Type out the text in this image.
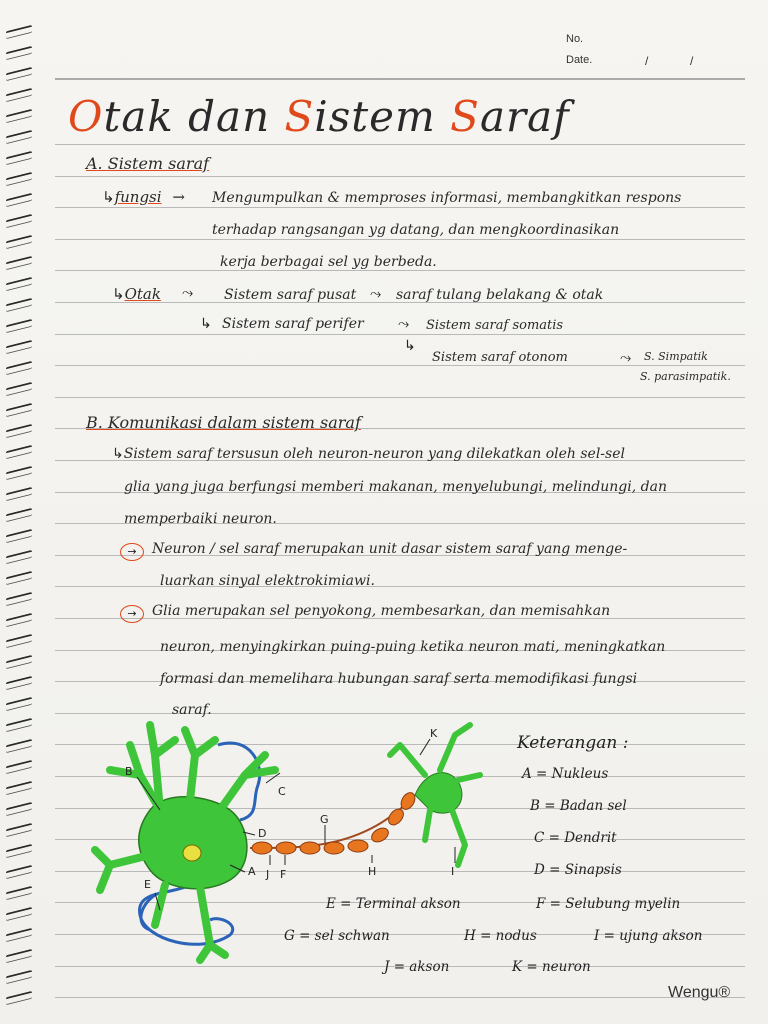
No.
Date.	/	/
Otak dan Sistem Saraf
A. Sistem saraf
↳fungsi →	Mengumpulkan & memproses informasi, membangkitkan respons
terhadap rangsangan yg datang, dan mengkoordinasikan
kerja berbagai sel yg berbeda.
↳Otak ⤳ Sistem saraf pusat ⤳ saraf tulang belakang & otak
↳ Sistem saraf perifer ⤳ Sistem saraf somatis
↳
Sistem saraf otonom	⤳ S. Simpatik
S. parasimpatik.
B. Komunikasi dalam sistem saraf
↳Sistem saraf tersusun oleh neuron-neuron yang dilekatkan oleh sel-sel
glia yang juga berfungsi memberi makanan, menyelubungi, melindungi, dan
memperbaiki neuron.
→	Neuron / sel saraf merupakan unit dasar sistem saraf yang menge-
luarkan sinyal elektrokimiawi.
→	Glia merupakan sel penyokong, membesarkan, dan memisahkan
neuron, menyingkirkan puing-puing ketika neuron mati, meningkatkan
formasi dan memelihara hubungan saraf serta memodifikasi fungsi
saraf.
B
C
D
E
G
A J F	H	I
K	Keterangan :
A = Nukleus
B = Badan sel
C = Dendrit
D = Sinapsis
E = Terminal akson	F = Selubung myelin
G = sel schwan	H = nodus	I = ujung akson
J = akson	K = neuron
Wengu®
